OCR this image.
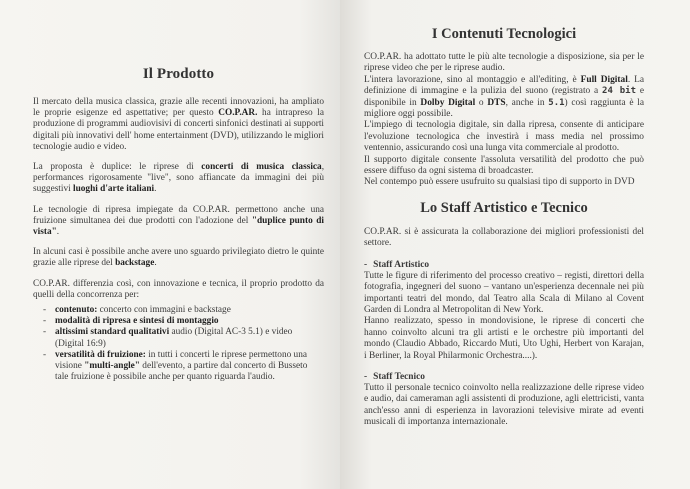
Il Prodotto

Il mercato della musica classica, grazie alle recenti innovazioni, ha ampliato le proprie esigenze ed aspettative; per questo CO.P.AR. ha intrapreso la produzione di programmi audiovisivi di concerti sinfonici destinati ai supporti digitali più innovativi dell' home entertainment (DVD), utilizzando le migliori tecnologie audio e video.

La proposta è duplice: le riprese di concerti di musica classica, performances rigorosamente "live", sono affiancate da immagini dei più suggestivi luoghi d'arte italiani.

Le tecnologie di ripresa impiegate da CO.P.AR. permettono anche una fruizione simultanea dei due prodotti con l'adozione del "duplice punto di vista".

In alcuni casi è possibile anche avere uno sguardo privilegiato dietro le quinte grazie alle riprese del backstage.

CO.P.AR. differenzia così, con innovazione e tecnica, il proprio prodotto da quelli della concorrenza per:

- contenuto: concerto con immagini e backstage
- modalità di ripresa e sintesi di montaggio
- altissimi standard qualitativi audio (Digital AC-3 5.1) e video (Digital 16:9)
- versatilità di fruizione: in tutti i concerti le riprese permettono una visione "multi-angle" dell'evento, a partire dal concerto di Busseto tale fruizione è possibile anche per quanto riguarda l'audio.
I Contenuti Tecnologici

CO.P.AR. ha adottato tutte le più alte tecnologie a disposizione, sia per le riprese video che per le riprese audio.

L'intera lavorazione, sino al montaggio e all'editing, è Full Digital. La definizione di immagine e la pulizia del suono (registrato a 24 bit e disponibile in Dolby Digital o DTS, anche in 5.1) così raggiunta è la migliore oggi possibile.

L'impiego di tecnologia digitale, sin dalla ripresa, consente di anticipare l'evoluzione tecnologica che investirà i mass media nel prossimo ventennio, assicurando così una lunga vita commerciale al prodotto.

Il supporto digitale consente l'assoluta versatilità del prodotto che può essere diffuso da ogni sistema di broadcaster.

Nel contempo può essere usufruito su qualsiasi tipo di supporto in DVD

Lo Staff Artistico e Tecnico

CO.P.AR. si è assicurata la collaborazione dei migliori professionisti del settore.

- Staff Artistico

Tutte le figure di riferimento del processo creativo – registi, direttori della fotografia, ingegneri del suono – vantano un'esperienza decennale nei più importanti teatri del mondo, dal Teatro alla Scala di Milano al Covent Garden di Londra al Metropolitan di New York.

Hanno realizzato, spesso in mondovisione, le riprese di concerti che hanno coinvolto alcuni tra gli artisti e le orchestre più importanti del mondo (Claudio Abbado, Riccardo Muti, Uto Ughi, Herbert von Karajan, i Berliner, la Royal Philarmonic Orchestra....).

- Staff Tecnico

Tutto il personale tecnico coinvolto nella realizzazione delle riprese video e audio, dai cameraman agli assistenti di produzione, agli elettricisti, vanta anch'esso anni di esperienza in lavorazioni televisive mirate ad eventi musicali di importanza internazionale.
